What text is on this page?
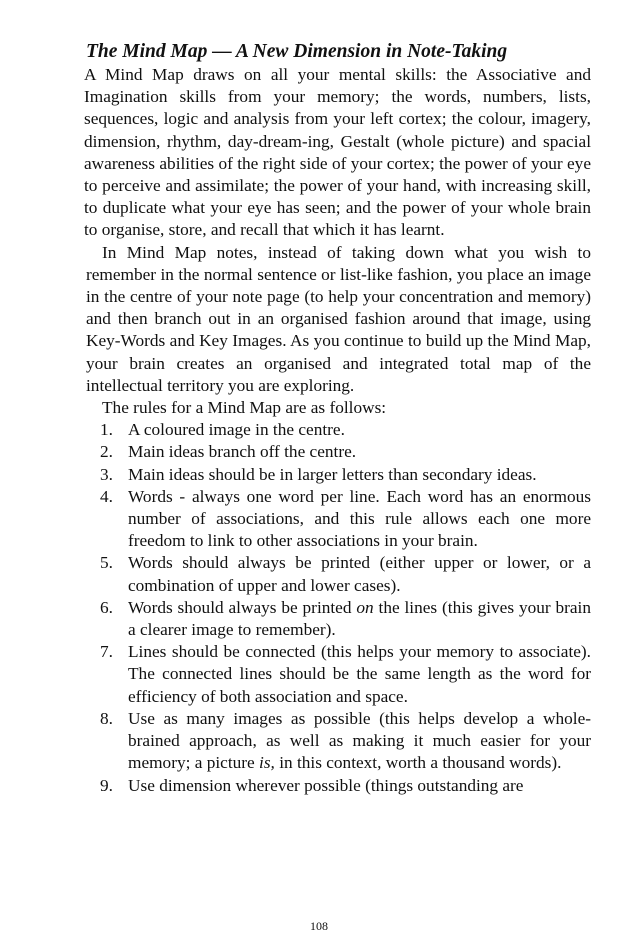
The Mind Map — A New Dimension in Note-Taking

A Mind Map draws on all your mental skills: the Associative and Imagination skills from your memory; the words, numbers, lists, sequences, logic and analysis from your left cortex; the colour, imagery, dimension, rhythm, day-dream-ing, Gestalt (whole picture) and spacial awareness abilities of the right side of your cortex; the power of your eye to perceive and assimilate; the power of your hand, with increasing skill, to duplicate what your eye has seen; and the power of your whole brain to organise, store, and recall that which it has learnt.

In Mind Map notes, instead of taking down what you wish to remember in the normal sentence or list-like fashion, you place an image in the centre of your note page (to help your concentration and memory) and then branch out in an organised fashion around that image, using Key-Words and Key Images. As you continue to build up the Mind Map, your brain creates an organised and integrated total map of the intellectual territory you are exploring.

The rules for a Mind Map are as follows:

1. A coloured image in the centre.
2. Main ideas branch off the centre.
3. Main ideas should be in larger letters than secondary ideas.
4. Words - always one word per line. Each word has an enormous number of associations, and this rule allows each one more freedom to link to other associations in your brain.
5. Words should always be printed (either upper or lower, or a combination of upper and lower cases).
6. Words should always be printed on the lines (this gives your brain a clearer image to remember).
7. Lines should be connected (this helps your memory to associate). The connected lines should be the same length as the word for efficiency of both association and space.
8. Use as many images as possible (this helps develop a whole-brained approach, as well as making it much easier for your memory; a picture is, in this context, worth a thousand words).
9. Use dimension wherever possible (things outstanding are
108
